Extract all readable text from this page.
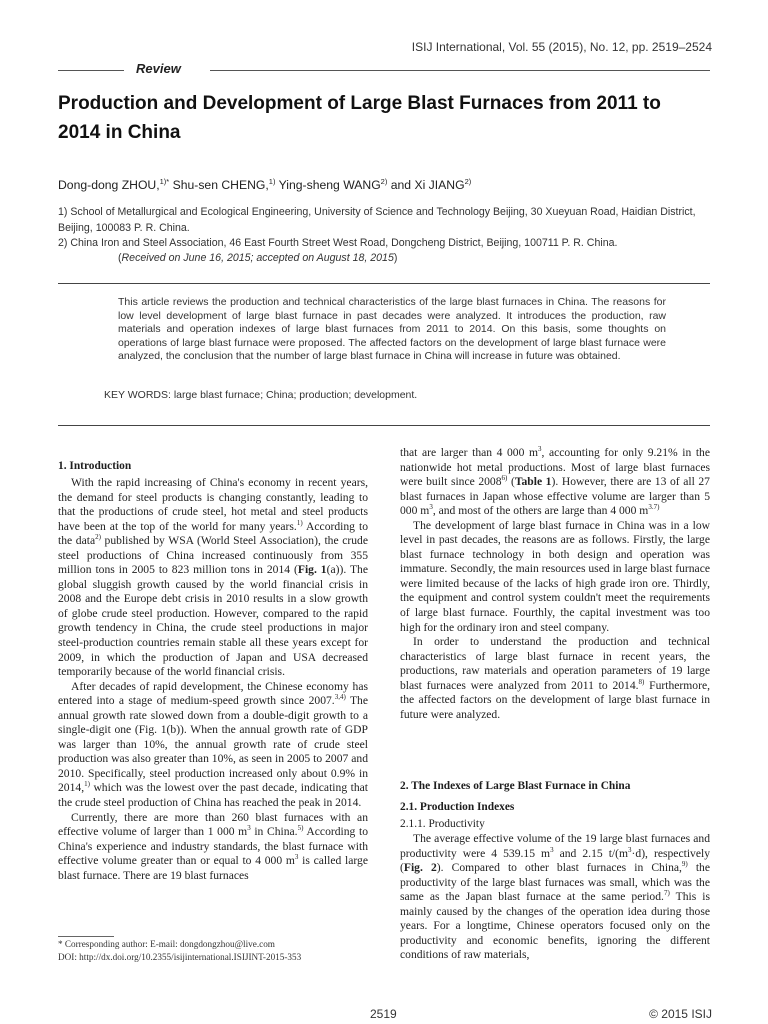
ISIJ International, Vol. 55 (2015), No. 12, pp. 2519–2524
Review
Production and Development of Large Blast Furnaces from 2011 to 2014 in China
Dong-dong ZHOU,$^{1)*}$ Shu-sen CHENG,$^{1)}$ Ying-sheng WANG$^{2)}$ and Xi JIANG$^{2)}$

1) School of Metallurgical and Ecological Engineering, University of Science and Technology Beijing, 30 Xueyuan Road, Haidian District, Beijing, 100083 P. R. China.

2) China Iron and Steel Association, 46 East Fourth Street West Road, Dongcheng District, Beijing, 100711 P. R. China.

(Received on June 16, 2015; accepted on August 18, 2015)
This article reviews the production and technical characteristics of the large blast furnaces in China. The reasons for low level development of large blast furnace in past decades were analyzed. It introduces the production, raw materials and operation indexes of large blast furnaces from 2011 to 2014. On this basis, some thoughts on operations of large blast furnace were proposed. The affected factors on the development of large blast furnace were analyzed, the conclusion that the number of large blast furnace in China will increase in future was obtained.
KEY WORDS: large blast furnace; China; production; development.
1. Introduction

With the rapid increasing of China's economy in recent years, the demand for steel products is changing constantly, leading to that the productions of crude steel, hot metal and steel products have been at the top of the world for many years.$^{1)}$ According to the data$^{2)}$ published by WSA (World Steel Association), the crude steel productions of China increased continuously from 355 million tons in 2005 to 823 million tons in 2014 (Fig. 1(a)). The global sluggish growth caused by the world financial crisis in 2008 and the Europe debt crisis in 2010 results in a slow growth of globe crude steel production. However, compared to the rapid growth tendency in China, the crude steel productions in major steel-production countries remain stable all these years except for 2009, in which the production of Japan and USA decreased temporarily because of the world financial crisis.

After decades of rapid development, the Chinese economy has entered into a stage of medium-speed growth since 2007.$^{3,4)}$ The annual growth rate slowed down from a double-digit growth to a single-digit one (Fig. 1(b)). When the annual growth rate of GDP was larger than 10%, the annual growth rate of crude steel production was also greater than 10%, as seen in 2005 to 2007 and 2010. Specifically, steel production increased only about 0.9% in 2014,$^{1)}$ which was the lowest over the past decade, indicating that the crude steel production of China has reached the peak in 2014.

Currently, there are more than 260 blast furnaces with an effective volume of larger than 1 000 $m^3$ in China.$^{5)}$ According to China's experience and industry standards, the blast furnace with effective volume greater than or equal to 4 000 $m^3$ is called large blast furnace. There are 19 blast furnaces

that are larger than 4 000 $m^3$, accounting for only 9.21% in the nationwide hot metal productions. Most of large blast furnaces were built since 2008$^{6)}$ (Table 1). However, there are 13 of all 27 blast furnaces in Japan whose effective volume are larger than 5 000 $m^3$, and most of the others are large than 4 000 $m^{3.7)}$

The development of large blast furnace in China was in a low level in past decades, the reasons are as follows. Firstly, the large blast furnace technology in both design and operation was immature. Secondly, the main resources used in large blast furnace were limited because of the lacks of high grade iron ore. Thirdly, the equipment and control system couldn't meet the requirements of large blast furnace. Fourthly, the capital investment was too high for the ordinary iron and steel company.

In order to understand the production and technical characteristics of large blast furnace in recent years, the productions, raw materials and operation parameters of 19 large blast furnaces were analyzed from 2011 to 2014.$^{8)}$ Furthermore, the affected factors on the development of large blast furnace in future were analyzed.

2. The Indexes of Large Blast Furnace in China
2.1. Production Indexes
2.1.1. Productivity

The average effective volume of the 19 large blast furnaces and productivity were 4 539.15 $m^3$ and 2.15 $t/(m^3\cdot d)$, respectively (Fig. 2). Compared to other blast furnaces in China,$^{9)}$ the productivity of the large blast furnaces was small, which was the same as the Japan blast furnace at the same period.$^{7)}$ This is mainly caused by the changes of the operation idea during those years. For a longtime, Chinese operators focused only on the productivity and economic benefits, ignoring the different conditions of raw materials,

* Corresponding author: E-mail: dongdongzhou@live.com
DOI: http://dx.doi.org/10.2355/isijinternational.ISIJINT-2015-353
2519	© 2015 ISIJ
